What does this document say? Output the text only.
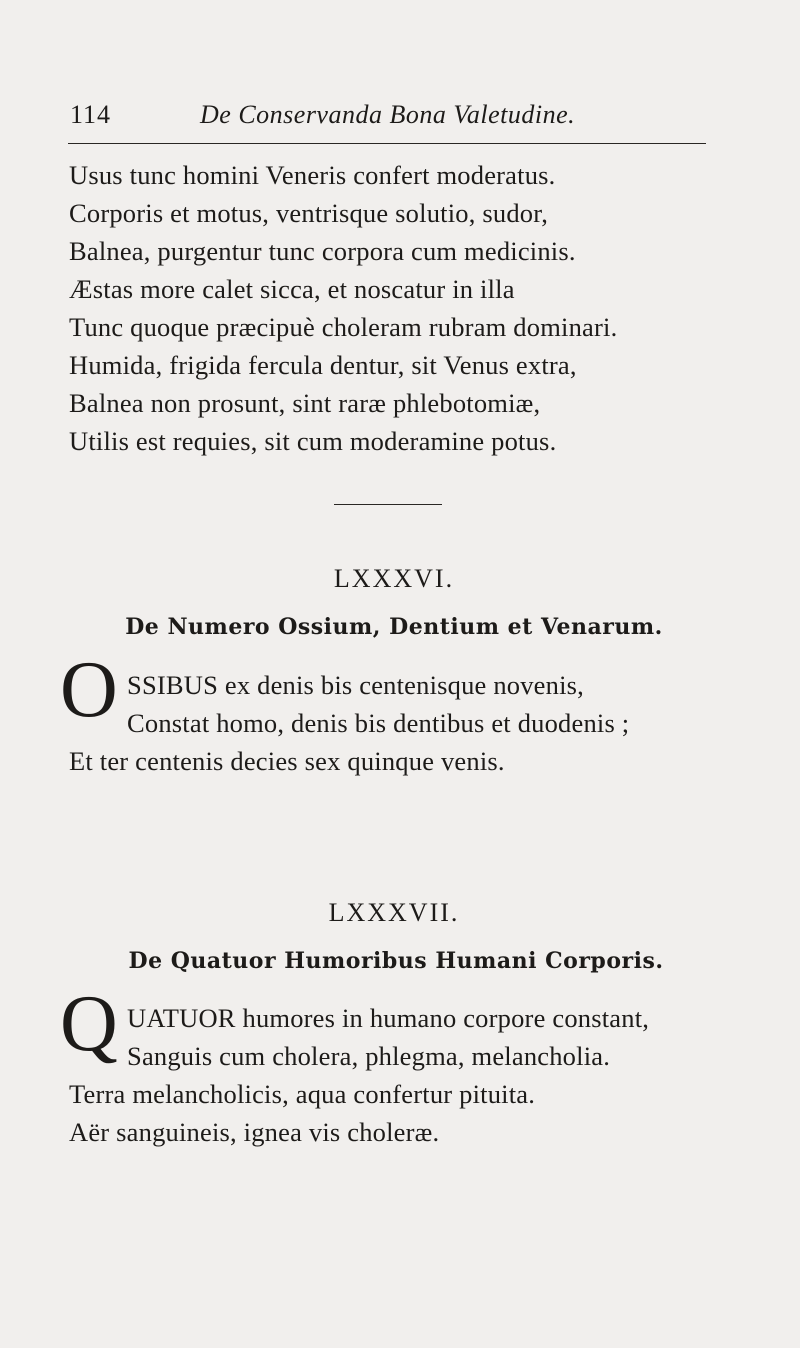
114	De Conservanda Bona Valetudine.
Usus tunc homini Veneris confert moderatus.
Corporis et motus, ventrisque solutio, sudor,
Balnea, purgentur tunc corpora cum medicinis.
Æstas more calet sicca, et noscatur in illa
Tunc quoque præcipuè choleram rubram dominari.
Humida, frigida fercula dentur, sit Venus extra,
Balnea non prosunt, sint raræ phlebotomiæ,
Utilis est requies, sit cum moderamine potus.
LXXXVI.
De Numero Ossium, Dentium et Venarum.
O SSIBUS ex denis bis centenisque novenis,
Constat homo, denis bis dentibus et duodenis ;
Et ter centenis decies sex quinque venis.
LXXXVII.
De Quatuor Humoribus Humani Corporis.
Q UATUOR humores in humano corpore constant,
Sanguis cum cholera, phlegma, melancholia.
Terra melancholicis, aqua confertur pituita.
Aër sanguineis, ignea vis choleræ.
